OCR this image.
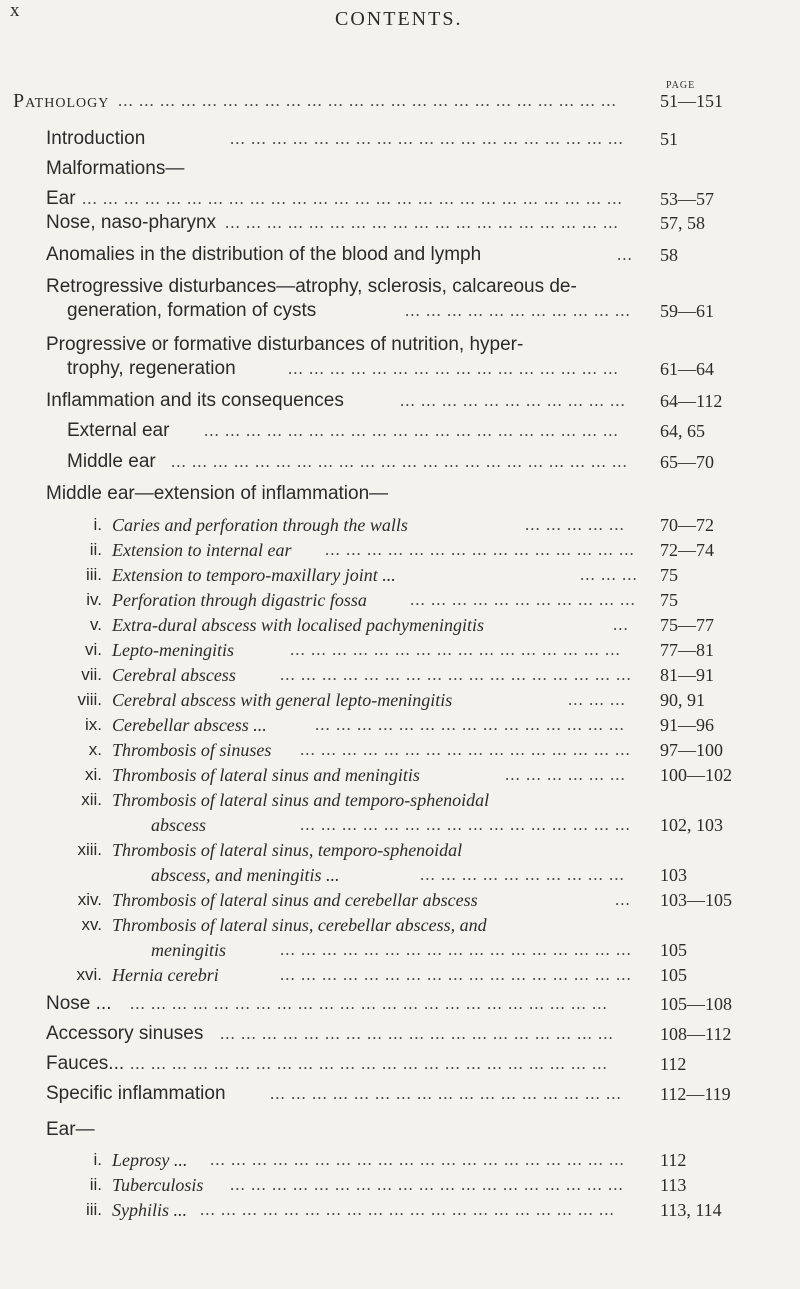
x	CONTENTS.
PAGE
Pathology ... ... ... ... ... ... ... ... ... ... ... ... ... ... ... ... ... ... ... ... ... ... ... ...	51—151
Introduction	... ... ... ... ... ... ... ... ... ... ... ... ... ... ... ... ... ... ...	51
Malformations—
Ear ... ... ... ... ... ... ... ... ... ... ... ... ... ... ... ... ... ... ... ... ... ... ... ... ... ...	53—57
Nose, naso-pharynx ... ... ... ... ... ... ... ... ... ... ... ... ... ... ... ... ... ... ...	57, 58
Anomalies in the distribution of the blood and lymph	...	58
Retrogressive disturbances—atrophy, sclerosis, calcareous de-
generation, formation of cysts	... ... ... ... ... ... ... ... ... ... ...	59—61
Progressive or formative disturbances of nutrition, hyper-
trophy, regeneration	... ... ... ... ... ... ... ... ... ... ... ... ... ... ... ...	61—64
Inflammation and its consequences	... ... ... ... ... ... ... ... ... ... ...	64—112
External ear ... ... ... ... ... ... ... ... ... ... ... ... ... ... ... ... ... ... ... ...	64, 65
Middle ear ... ... ... ... ... ... ... ... ... ... ... ... ... ... ... ... ... ... ... ... ... ...	65—70
Middle ear—extension of inflammation—
i. Caries and perforation through the walls	... ... ... ... ...	70—72
ii. Extension to internal ear ... ... ... ... ... ... ... ... ... ... ... ... ... ... ...	72—74
iii. Extension to temporo-maxillary joint ...	... ... ...	75
iv. Perforation through digastric fossa	... ... ... ... ... ... ... ... ... ... ...	75
v. Extra-dural abscess with localised pachymeningitis	...	75—77
vi. Lepto-meningitis	... ... ... ... ... ... ... ... ... ... ... ... ... ... ... ...	77—81
vii. Cerebral abscess	... ... ... ... ... ... ... ... ... ... ... ... ... ... ... ... ...	81—91
viii. Cerebral abscess with general lepto-meningitis	... ... ...	90, 91
ix. Cerebellar abscess ...	... ... ... ... ... ... ... ... ... ... ... ... ... ... ...	91—96
x. Thrombosis of sinuses ... ... ... ... ... ... ... ... ... ... ... ... ... ... ... ...	97—100
xi. Thrombosis of lateral sinus and meningitis	... ... ... ... ... ...	100—102
xii. Thrombosis of lateral sinus and temporo-sphenoidal
abscess	... ... ... ... ... ... ... ... ... ... ... ... ... ... ... ...	102, 103
xiii. Thrombosis of lateral sinus, temporo-sphenoidal
abscess, and meningitis ...	... ... ... ... ... ... ... ... ... ...	103
xiv. Thrombosis of lateral sinus and cerebellar abscess	...	103—105
xv. Thrombosis of lateral sinus, cerebellar abscess, and
meningitis	... ... ... ... ... ... ... ... ... ... ... ... ... ... ... ... ...	105
xvi. Hernia cerebri	... ... ... ... ... ... ... ... ... ... ... ... ... ... ... ... ...	105
Nose ... ... ... ... ... ... ... ... ... ... ... ... ... ... ... ... ... ... ... ... ... ... ... ...	105—108
Accessory sinuses ... ... ... ... ... ... ... ... ... ... ... ... ... ... ... ... ... ... ...	108—112
Fauces... ... ... ... ... ... ... ... ... ... ... ... ... ... ... ... ... ... ... ... ... ... ... ...	112
Specific inflammation	... ... ... ... ... ... ... ... ... ... ... ... ... ... ... ... ...	112—119
Ear—
i. Leprosy ... ... ... ... ... ... ... ... ... ... ... ... ... ... ... ... ... ... ... ... ...	112
ii. Tuberculosis ... ... ... ... ... ... ... ... ... ... ... ... ... ... ... ... ... ... ...	113
iii. Syphilis ... ... ... ... ... ... ... ... ... ... ... ... ... ... ... ... ... ... ... ... ...	113, 114
